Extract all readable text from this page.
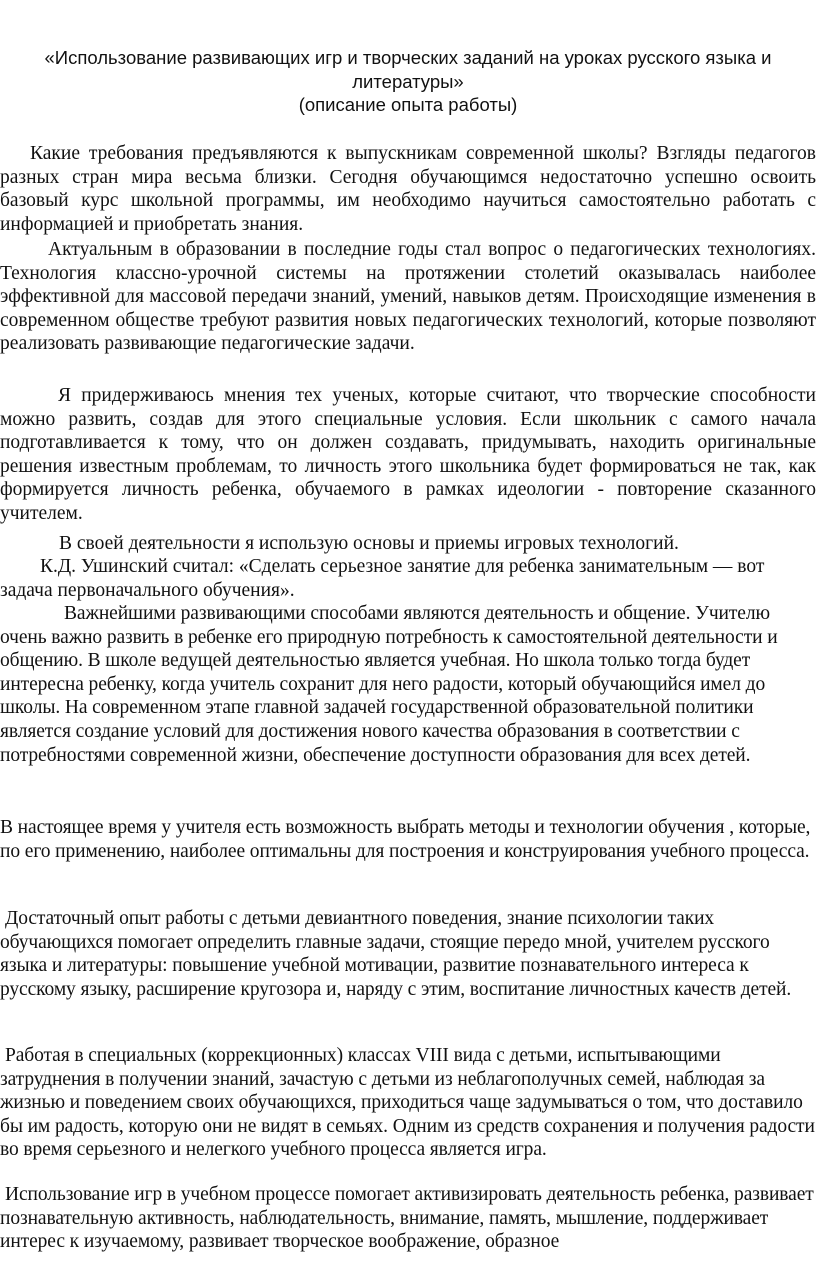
«Использование развивающих игр и творческих заданий на уроках русского языка и
литературы»
(описание опыта работы)

Какие требования предъявляются к выпускникам современной школы? Взгляды педагогов разных стран мира весьма близки. Сегодня обучающимся недостаточно успешно освоить базовый курс школьной программы, им необходимо научиться самостоятельно работать с информацией и приобретать знания.

Актуальным в образовании в последние годы стал вопрос о педагогических технологиях. Технология классно-урочной системы на протяжении столетий оказывалась наиболее эффективной для массовой передачи знаний, умений, навыков детям. Происходящие изменения в современном обществе требуют развития новых педагогических технологий, которые позволяют реализовать развивающие педагогические задачи.

Я придерживаюсь мнения тех ученых, которые считают, что творческие способности можно развить, создав для этого специальные условия. Если школьник с самого начала подготавливается к тому, что он должен создавать, придумывать, находить оригинальные решения известным проблемам, то личность этого школьника будет формироваться не так, как формируется личность ребенка, обучаемого в рамках идеологии - повторение сказанного учителем.

В своей деятельности я использую основы и приемы игровых технологий.

К.Д. Ушинский считал: «Сделать серьезное занятие для ребенка занимательным — вот задача первоначального обучения».

Важнейшими развивающими способами являются деятельность и общение. Учителю очень важно развить в ребенке его природную потребность к самостоятельной деятельности и общению. В школе ведущей деятельностью является учебная. Но школа только тогда будет интересна ребенку, когда учитель сохранит для него радости, который обучающийся имел до школы. На современном этапе главной задачей государственной образовательной политики является создание условий для достижения нового качества образования в соответствии с потребностями современной жизни, обеспечение доступности образования для всех детей.

В настоящее время у учителя есть возможность выбрать методы и технологии обучения , которые, по его применению, наиболее оптимальны для построения и конструирования учебного процесса.

Достаточный опыт работы с детьми девиантного поведения, знание психологии таких обучающихся помогает определить главные задачи, стоящие передо мной, учителем русского языка и литературы: повышение учебной мотивации, развитие познавательного интереса к русскому языку, расширение кругозора и, наряду с этим, воспитание личностных качеств детей.

Работая в специальных (коррекционных) классах VIII вида с детьми, испытывающими затруднения в получении знаний, зачастую с детьми из неблагополучных семей, наблюдая за жизнью и поведением своих обучающихся, приходиться чаще задумываться о том, что доставило бы им радость, которую они не видят в семьях. Одним из средств сохранения и получения радости во время серьезного и нелегкого учебного процесса является игра.

Использование игр в учебном процессе помогает активизировать деятельность ребенка, развивает познавательную активность, наблюдательность, внимание, память, мышление, поддерживает интерес к изучаемому, развивает творческое воображение, образное
